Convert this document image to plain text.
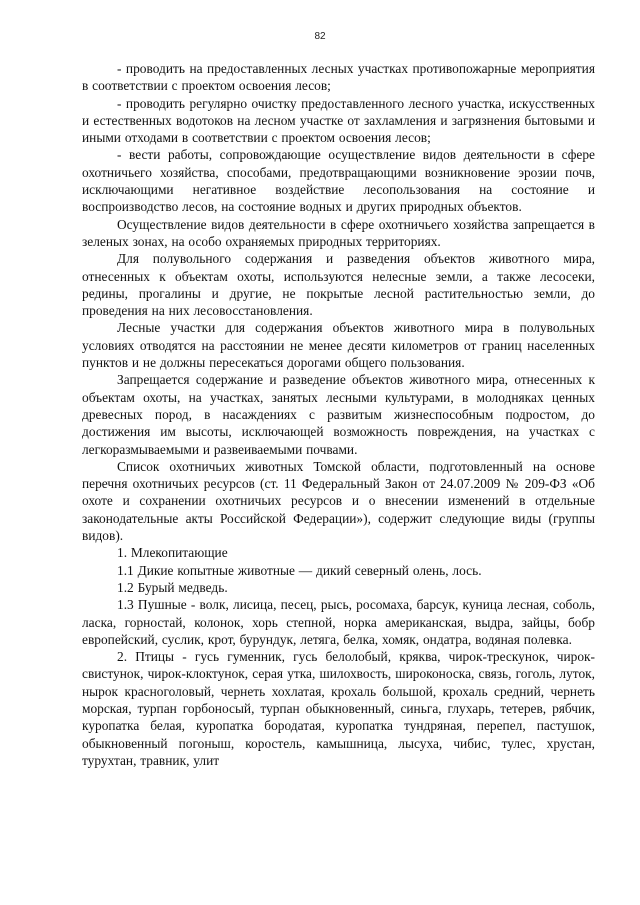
82

- проводить на предоставленных лесных участках противопожарные мероприятия в соответствии с проектом освоения лесов;

- проводить регулярно очистку предоставленного лесного участка, искусственных и естественных водотоков на лесном участке от захламления и загрязнения бытовыми и иными отходами в соответствии с проектом освоения лесов;

- вести работы, сопровождающие осуществление видов деятельности в сфере охотничьего хозяйства, способами, предотвращающими возникновение эрозии почв, исключающими негативное воздействие лесопользования на состояние и воспроизводство лесов, на состояние водных и других природных объектов.

Осуществление видов деятельности в сфере охотничьего хозяйства запрещается в зеленых зонах, на особо охраняемых природных территориях.

Для полувольного содержания и разведения объектов животного мира, отнесенных к объектам охоты, используются нелесные земли, а также лесосеки, редины, прогалины и другие, не покрытые лесной растительностью земли, до проведения на них лесовосстановления.

Лесные участки для содержания объектов животного мира в полувольных условиях отводятся на расстоянии не менее десяти километров от границ населенных пунктов и не должны пересекаться дорогами общего пользования.

Запрещается содержание и разведение объектов животного мира, отнесенных к объектам охоты, на участках, занятых лесными культурами, в молодняках ценных древесных пород, в насаждениях с развитым жизнеспособным подростом, до достижения им высоты, исключающей возможность повреждения, на участках с легкоразмываемыми и развеиваемыми почвами.

Список охотничьих животных Томской области, подготовленный на основе перечня охотничьих ресурсов (ст. 11 Федеральный Закон от 24.07.2009 № 209-ФЗ «Об охоте и сохранении охотничьих ресурсов и о внесении изменений в отдельные законодательные акты Российской Федерации»), содержит следующие виды (группы видов).

1. Млекопитающие

1.1 Дикие копытные животные — дикий северный олень, лось.

1.2 Бурый медведь.

1.3 Пушные - волк, лисица, песец, рысь, росомаха, барсук, куница лесная, соболь, ласка, горностай, колонок, хорь степной, норка американская, выдра, зайцы, бобр европейский, суслик, крот, бурундук, летяга, белка, хомяк, ондатра, водяная полевка.

2. Птицы - гусь гуменник, гусь белолобый, кряква, чирок-трескунок, чирок-свистунок, чирок-клоктунок, серая утка, шилохвость, широконоска, связь, гоголь, луток, нырок красноголовый, чернеть хохлатая, крохаль большой, крохаль средний, чернеть морская, турпан горбоносый, турпан обыкновенный, синьга, глухарь, тетерев, рябчик, куропатка белая, куропатка бородатая, куропатка тундряная, перепел, пастушок, обыкновенный погоныш, коростель, камышница, лысуха, чибис, тулес, хрустан, турухтан, травник, улит
